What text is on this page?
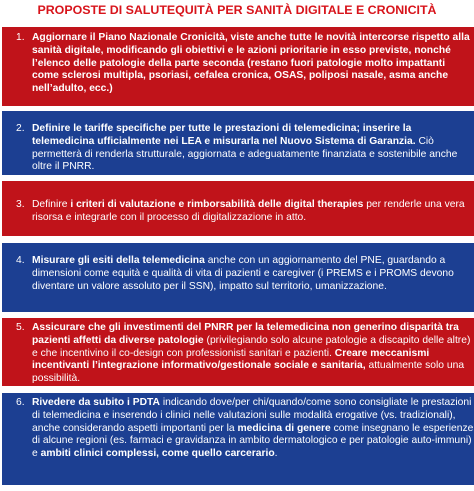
PROPOSTE DI SALUTEQUITÀ PER SANITÀ DIGITALE E CRONICITÀ
1. Aggiornare il Piano Nazionale Cronicità, viste anche tutte le novità intercorse rispetto alla sanità digitale, modificando gli obiettivi e le azioni prioritarie in esso previste, nonché l’elenco delle patologie della parte seconda (restano fuori patologie molto impattanti come sclerosi multipla, psoriasi, cefalea cronica, OSAS, poliposi nasale, asma anche nell’adulto, ecc.)
2. Definire le tariffe specifiche per tutte le prestazioni di telemedicina; inserire la telemedicina ufficialmente nei LEA e misurarla nel Nuovo Sistema di Garanzia. Ciò permetterà di renderla strutturale, aggiornata e adeguatamente finanziata e sostenibile anche oltre il PNRR.
3. Definire i criteri di valutazione e rimborsabilità delle digital therapies per renderle una vera risorsa e integrarle con il processo di digitalizzazione in atto.
4. Misurare gli esiti della telemedicina anche con un aggiornamento del PNE, guardando a dimensioni come equità e qualità di vita di pazienti e caregiver (i PREMS e i PROMS devono diventare un valore assoluto per il SSN), impatto sul territorio, umanizzazione.
5. Assicurare che gli investimenti del PNRR per la telemedicina non generino disparità tra pazienti affetti da diverse patologie (privilegiando solo alcune patologie a discapito delle altre) e che incentivino il co-design con professionisti sanitari e pazienti. Creare meccanismi incentivanti l’integrazione informativo/gestionale sociale e sanitaria, attualmente solo una possibilità.
6. Rivedere da subito i PDTA indicando dove/per chi/quando/come sono consigliate le prestazioni di telemedicina e inserendo i clinici nelle valutazioni sulle modalità erogative (vs. tradizionali), anche considerando aspetti importanti per la medicina di genere come insegnano le esperienze di alcune regioni (es. farmaci e gravidanza in ambito dermatologico e per patologie auto-immuni) e ambiti clinici complessi, come quello carcerario.
